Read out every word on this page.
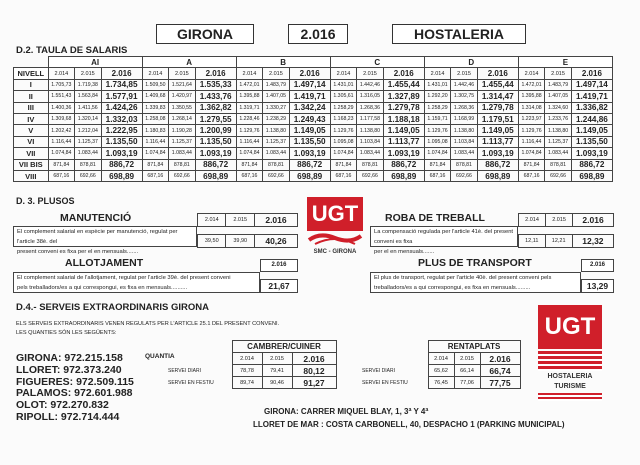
GIRONA	2.016	HOSTALERIA
D.2. TAULA DE SALARIS
	AI			A			B			C			D			E		
NIVELL	2.014	2.015	2.016	2.014	2.015	2.016	2.014	2.015	2.016	2.014	2.015	2.016	2.014	2.015	2.016	2.014	2.015	2.016
I	1.705,73	1.719,38	1.734,85	1.509,50	1.521,64	1.535,33	1.472,01	1.483,79	1.497,14	1.431,01	1.442,46	1.455,44	1.431,01	1.442,46	1.455,44	1.472,01	1.483,79	1.497,14
II	1.551,43	1.563,84	1.577,91	1.409,68	1.420,97	1.433,76	1.395,88	1.407,05	1.419,71	1.305,61	1.316,05	1.327,89	1.292,20	1.302,75	1.314,47	1.395,88	1.407,05	1.419,71
III	1.400,36	1.411,56	1.424,26	1.339,83	1.350,55	1.362,82	1.319,71	1.330,27	1.342,24	1.258,29	1.268,36	1.279,78	1.258,29	1.268,36	1.279,78	1.314,08	1.324,60	1.336,82
IV	1.309,68	1.320,14	1.332,03	1.258,08	1.268,14	1.279,55	1.228,46	1.238,29	1.249,43	1.168,23	1.177,58	1.188,18	1.159,71	1.168,99	1.179,51	1.223,97	1.233,76	1.244,86
V	1.202,42	1.212,04	1.222,95	1.180,83	1.190,28	1.200,99	1.129,76	1.138,80	1.149,05	1.129,76	1.138,80	1.149,05	1.129,76	1.138,80	1.149,05	1.129,76	1.138,80	1.149,05
VI	1.116,44	1.125,37	1.135,50	1.116,44	1.125,37	1.135,50	1.116,44	1.125,37	1.135,50	1.095,08	1.103,84	1.113,77	1.095,08	1.103,84	1.113,77	1.116,44	1.125,37	1.135,50
VII	1.074,84	1.083,44	1.093,19	1.074,84	1.083,44	1.093,19	1.074,84	1.083,44	1.093,19	1.074,84	1.083,44	1.093,19	1.074,84	1.083,44	1.093,19	1.074,84	1.083,44	1.093,19
VII BIS	871,84	878,81	886,72	871,84	878,81	886,72	871,84	878,81	886,72	871,84	878,81	886,72	871,84	878,81	886,72	871,84	878,81	886,72
VIII	687,16	692,66	698,89	687,16	692,66	698,89	687,16	692,66	698,89	687,16	692,66	698,89	687,16	692,66	698,89	687,16	692,66	698,89
D. 3. PLUSOS
MANUTENCIÓ	2.014	2.015	2.016
El complement salarial en espècie per manutenció, regulat per l'article 38è. del
present conveni es fixa per el en mensuals.......
39,50	39,90	40,26
ALLOTJAMENT	2.016
El complement salarial de l'allotjament, regulat per l'article 39è. del present conveni
pels treballadors/es a qui correspongui, es fixa en mensuals..........	21,67
UGT
SMC - GIRONA
ROBA DE TREBALL	2.014	2.015	2.016
La compensació regulada per l'article 41è. del present conveni es fixa
per el en mensuals.......
12,11	12,21	12,32
PLUS DE TRANSPORT	2.016
El plus de transport, regulat per l'article 40è. del present conveni pels
treballadors/es a qui correspongui, es fixa en mensuals.........	13,29
D.4.- SERVEIS EXTRAORDINARIS GIRONA
ELS SERVEIS EXTRAORDINARIS VENEN REGULATS PER L'ARTICLE 25.1 DEL PRESENT CONVENI.
LES QUANTIES SÓN LES SEGÜENTS:
GIRONA: 972.215.158
LLORET: 972.373.240
FIGUERES: 972.509.115
PALAMOS: 972.601.988
OLOT: 972.270.832
RIPOLL: 972.714.444
QUANTIA
	CAMBRER/CUINER		
	2.014	2.015	2.016
SERVEI DIARI	78,78	79,41	80,12
SERVEI EN FESTIU	89,74	90,46	91,27
	RENTAPLATS		
	2.014	2.015	2.016
SERVEI DIARI	65,62	66,14	66,74
SERVEI EN FESTIU	76,45	77,06	77,75
UGT
HOSTALERIA
TURISME
GIRONA: CARRER MIQUEL BLAY, 1, 3ª Y 4ª
LLORET DE MAR : COSTA CARBONELL, 40, DESPACHO 1 (PARKING MUNICIPAL)
